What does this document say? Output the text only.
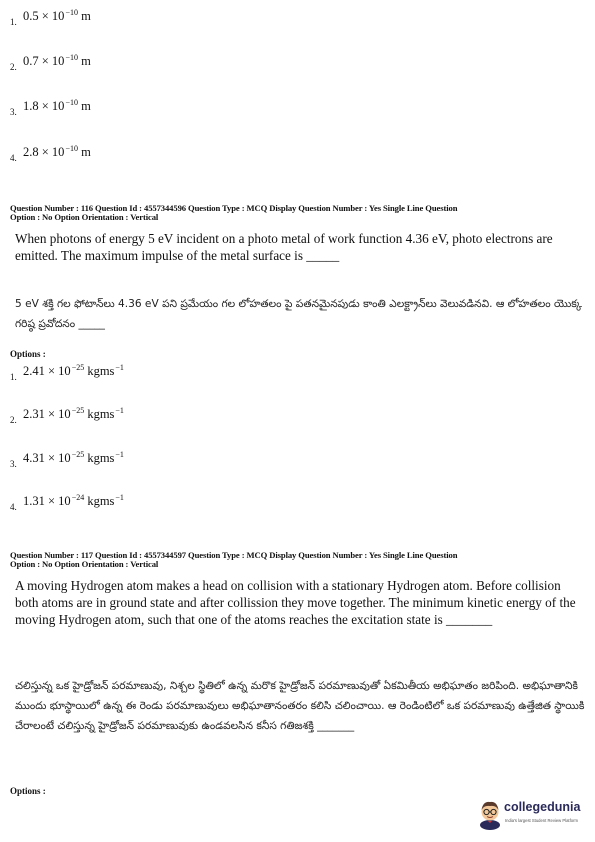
1. $0.5 \times 10^{-10}$ m
2. $0.7 \times 10^{-10}$ m
3. $1.8 \times 10^{-10}$ m
4. $2.8 \times 10^{-10}$ m
Question Number : 116 Question Id : 4557344596 Question Type : MCQ Display Question Number : Yes Single Line Question
Option : No Option Orientation : Vertical
When photons of energy 5 eV incident on a photo metal of work function 4.36 eV, photo electrons are emitted. The maximum impulse of the metal surface is _____
5 eV శక్తి గల ఫోటాన్‌లు 4.36 eV పని ప్రమేయం గల లోహతలం పై పతనమైనపుడు కాంతి ఎలక్ట్రాన్‌లు వెలువడినవి. ఆ లోహతలం యొక్క గరిష్ఠ ప్రవోదనం _____
Options :
1. $2.41 \times 10^{-25}$ kgms$^{-1}$
2. $2.31 \times 10^{-25}$ kgms$^{-1}$
3. $4.31 \times 10^{-25}$ kgms$^{-1}$
4. $1.31 \times 10^{-24}$ kgms$^{-1}$
Question Number : 117 Question Id : 4557344597 Question Type : MCQ Display Question Number : Yes Single Line Question
Option : No Option Orientation : Vertical
A moving Hydrogen atom makes a head on collision with a stationary Hydrogen atom. Before collision both atoms are in ground state and after collission they move together. The minimum kinetic energy of the moving Hydrogen atom, such that one of the atoms reaches the excitation state is _______
చలిస్తున్న ఒక హైడ్రోజన్ పరమాణువు, నిశ్చల స్థితిలో ఉన్న మరొక హైడ్రోజన్ పరమాణువుతో ఏకమితీయ అభిఘాతం జరిపింది. అభిఘాతానికి ముందు భూస్థాయిలో ఉన్న ఈ రెండు పరమాణువులు అభిఘాతానంతరం కలిసి చలించాయి. ఆ రెండింటిలో ఒక పరమాణువు ఉత్తేజిత స్థాయికి చేరాలంటే చలిస్తున్న హైడ్రోజన్ పరమాణువుకు ఉండవలసిన కనీస గతిజశక్తి _______
Options :
collegedunia
India's largest Student Review Platform
